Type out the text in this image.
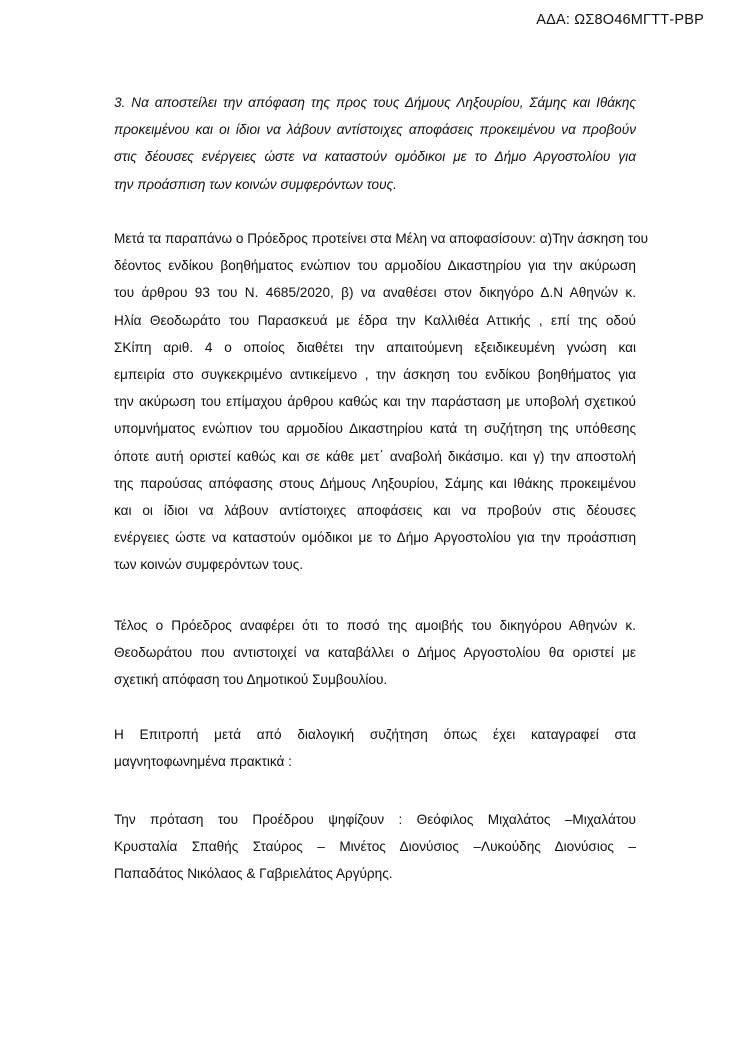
ΑΔΑ: ΩΣ8Ο46ΜΓΤΤ-ΡΒΡ
3. Να αποστείλει την απόφαση της προς τους Δήμους Ληξουρίου, Σάμης και Ιθάκης
προκειμένου και οι ίδιοι να λάβουν αντίστοιχες αποφάσεις προκειμένου να προβούν
στις δέουσες ενέργειες ώστε να καταστούν ομόδικοι με το Δήμο Αργοστολίου για
την προάσπιση των κοινών συμφερόντων τους.
Μετά τα παραπάνω ο Πρόεδρος προτείνει στα Μέλη να αποφασίσουν: α)Την άσκηση του
δέοντος ενδίκου βοηθήματος ενώπιον του αρμοδίου Δικαστηρίου για την ακύρωση
του άρθρου 93 του Ν. 4685/2020, β) να αναθέσει στον δικηγόρο Δ.Ν Αθηνών κ.
Ηλία Θεοδωράτο του Παρασκευά με έδρα την Καλλιθέα Αττικής , επί της οδού
ΣΚίπη αριθ. 4 ο οποίος διαθέτει την απαιτούμενη εξειδικευμένη γνώση και
εμπειρία στο συγκεκριμένο αντικείμενο , την άσκηση του ενδίκου βοηθήματος για
την ακύρωση του επίμαχου άρθρου καθώς και την παράσταση με υποβολή σχετικού
υπομνήματος ενώπιον του αρμοδίου Δικαστηρίου κατά τη συζήτηση της υπόθεσης
όποτε αυτή οριστεί καθώς και σε κάθε μετ΄ αναβολή δικάσιμο. και γ) την αποστολή
της παρούσας απόφασης στους Δήμους Ληξουρίου, Σάμης και Ιθάκης προκειμένου
και οι ίδιοι να λάβουν αντίστοιχες αποφάσεις και να προβούν στις δέουσες
ενέργειες ώστε να καταστούν ομόδικοι με το Δήμο Αργοστολίου για την προάσπιση
των κοινών συμφερόντων τους.
Τέλος ο Πρόεδρος αναφέρει ότι το ποσό της αμοιβής του δικηγόρου Αθηνών κ.
Θεοδωράτου που αντιστοιχεί να καταβάλλει ο Δήμος Αργοστολίου θα οριστεί με
σχετική απόφαση του Δημοτικού Συμβουλίου.
Η Επιτροπή μετά από διαλογική συζήτηση όπως έχει καταγραφεί στα
μαγνητοφωνημένα πρακτικά :
Την πρόταση του Προέδρου ψηφίζουν : Θεόφιλος Μιχαλάτος –Μιχαλάτου
Κρυσταλία Σπαθής Σταύρος – Μινέτος Διονύσιος –Λυκούδης Διονύσιος –
Παπαδάτος Νικόλαος & Γαβριελάτος Αργύρης.
